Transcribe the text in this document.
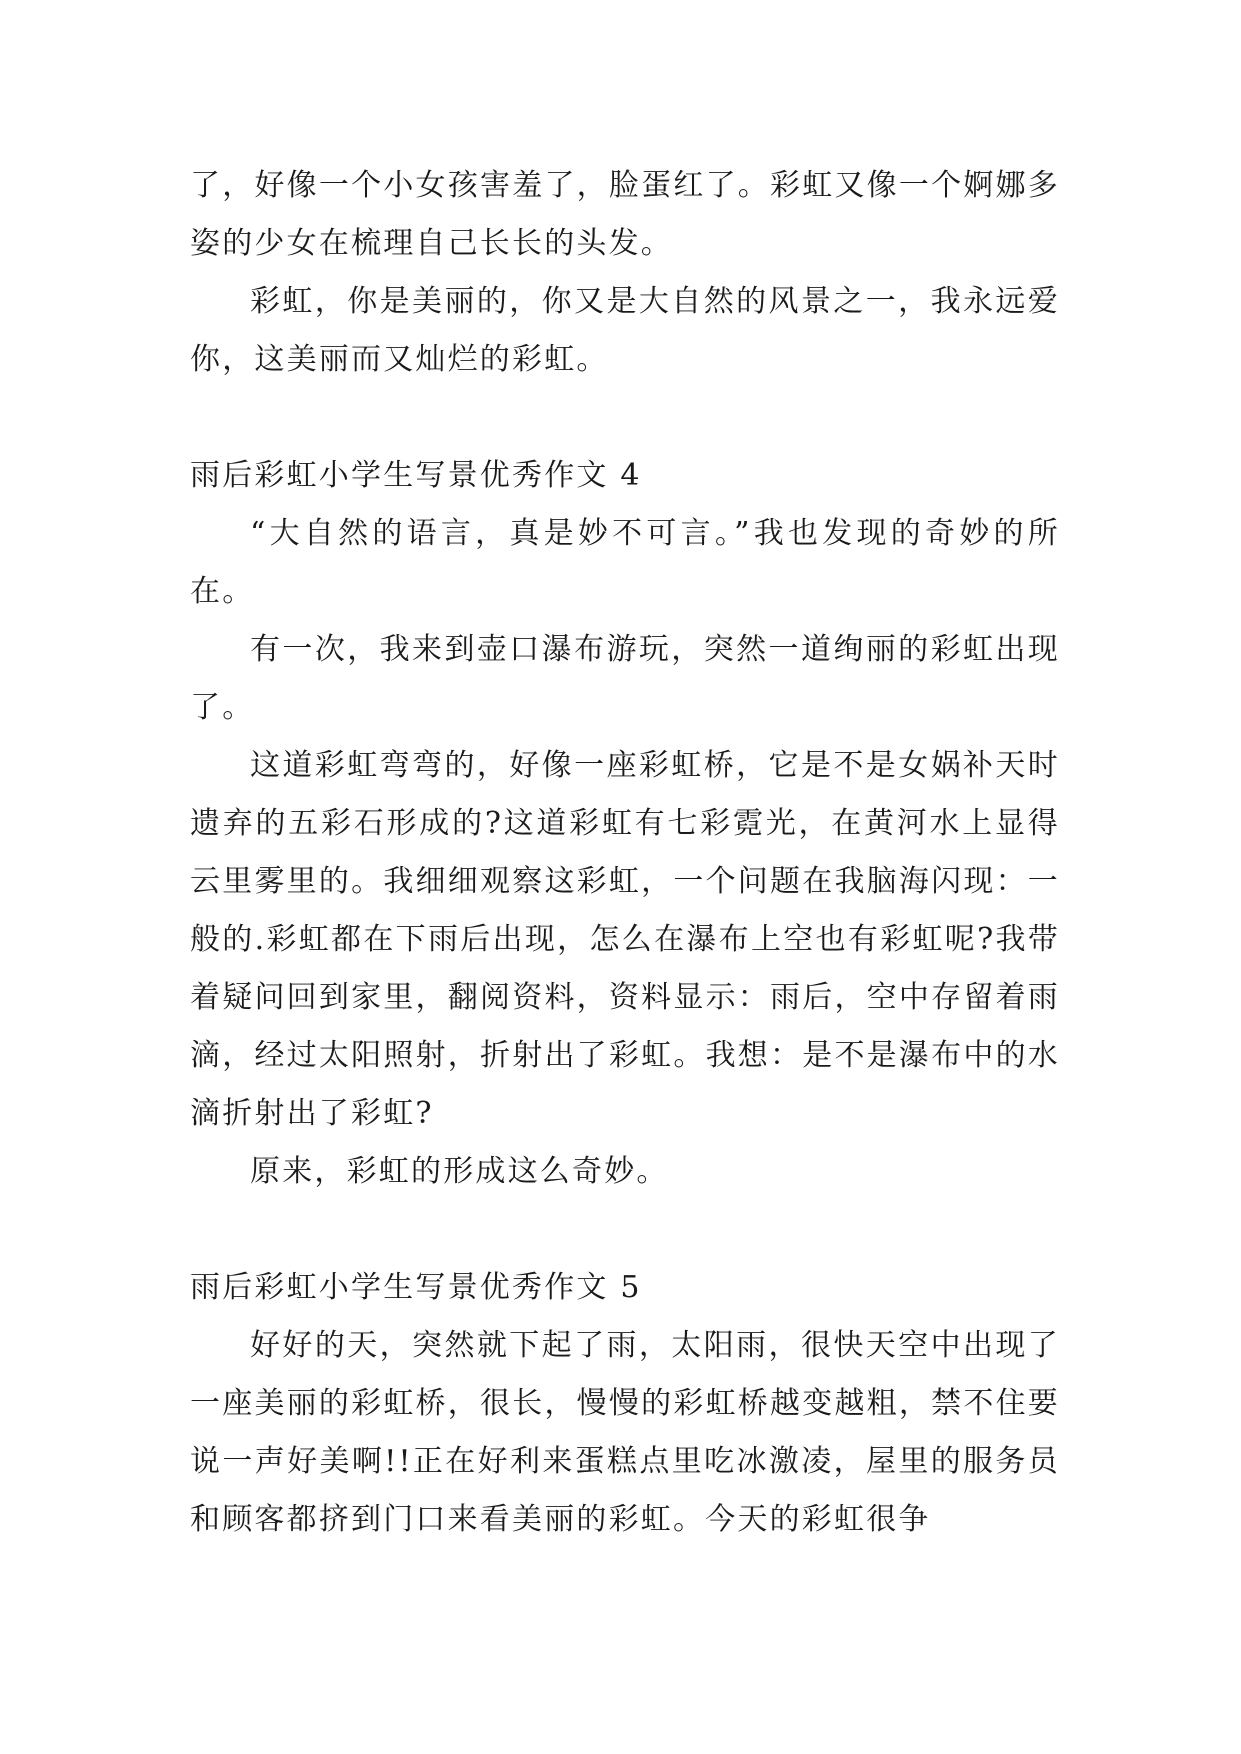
了，好像一个小女孩害羞了，脸蛋红了。彩虹又像一个婀娜多姿的少女在梳理自己长长的头发。

彩虹，你是美丽的，你又是大自然的风景之一，我永远爱你，这美丽而又灿烂的彩虹。

雨后彩虹小学生写景优秀作文 4

“大自然的语言，真是妙不可言。”我也发现的奇妙的所在。

有一次，我来到壶口瀑布游玩，突然一道绚丽的彩虹出现了。

这道彩虹弯弯的，好像一座彩虹桥，它是不是女娲补天时遗弃的五彩石形成的?这道彩虹有七彩霓光，在黄河水上显得云里雾里的。我细细观察这彩虹，一个问题在我脑海闪现：一般的.彩虹都在下雨后出现，怎么在瀑布上空也有彩虹呢?我带着疑问回到家里，翻阅资料，资料显示：雨后，空中存留着雨滴，经过太阳照射，折射出了彩虹。我想：是不是瀑布中的水滴折射出了彩虹?

原来，彩虹的形成这么奇妙。

雨后彩虹小学生写景优秀作文 5

好好的天，突然就下起了雨，太阳雨，很快天空中出现了一座美丽的彩虹桥，很长，慢慢的彩虹桥越变越粗，禁不住要说一声好美啊!!正在好利来蛋糕点里吃冰激凌，屋里的服务员和顾客都挤到门口来看美丽的彩虹。今天的彩虹很争
